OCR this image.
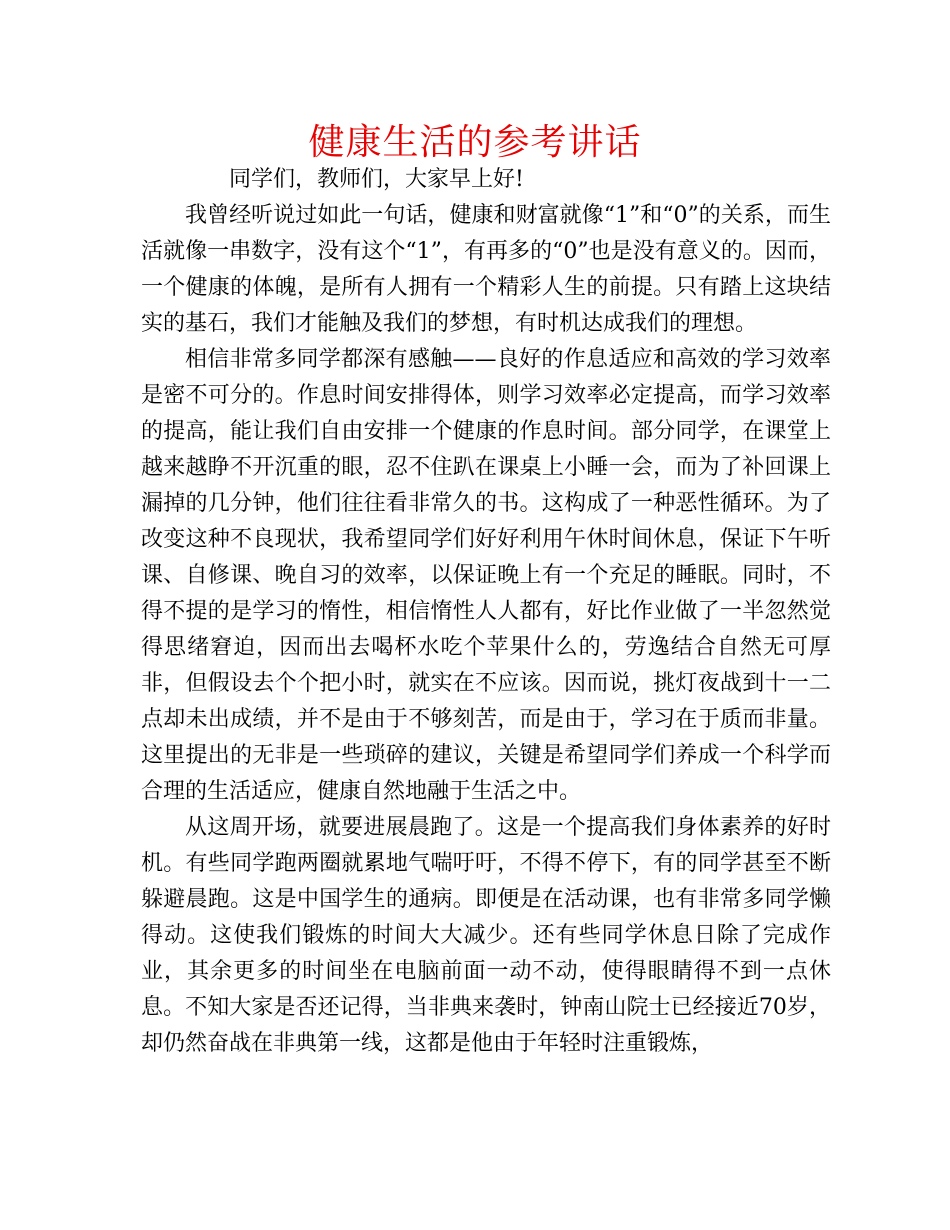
健康生活的参考讲话

同学们，教师们，大家早上好!

我曾经听说过如此一句话，健康和财富就像“1”和“0”的关系，而生活就像一串数字，没有这个“1”，有再多的“0”也是没有意义的。因而，一个健康的体魄，是所有人拥有一个精彩人生的前提。只有踏上这块结实的基石，我们才能触及我们的梦想，有时机达成我们的理想。

相信非常多同学都深有感触——良好的作息适应和高效的学习效率是密不可分的。作息时间安排得体，则学习效率必定提高，而学习效率的提高，能让我们自由安排一个健康的作息时间。部分同学，在课堂上越来越睁不开沉重的眼，忍不住趴在课桌上小睡一会，而为了补回课上漏掉的几分钟，他们往往看非常久的书。这构成了一种恶性循环。为了改变这种不良现状，我希望同学们好好利用午休时间休息，保证下午听课、自修课、晚自习的效率，以保证晚上有一个充足的睡眠。同时，不得不提的是学习的惰性，相信惰性人人都有，好比作业做了一半忽然觉得思绪窘迫，因而出去喝杯水吃个苹果什么的，劳逸结合自然无可厚非，但假设去个个把小时，就实在不应该。因而说，挑灯夜战到十一二点却未出成绩，并不是由于不够刻苦，而是由于，学习在于质而非量。这里提出的无非是一些琐碎的建议，关键是希望同学们养成一个科学而合理的生活适应，健康自然地融于生活之中。

从这周开场，就要进展晨跑了。这是一个提高我们身体素养的好时机。有些同学跑两圈就累地气喘吁吁，不得不停下，有的同学甚至不断躲避晨跑。这是中国学生的通病。即便是在活动课，也有非常多同学懒得动。这使我们锻炼的时间大大减少。还有些同学休息日除了完成作业，其余更多的时间坐在电脑前面一动不动，使得眼睛得不到一点休息。不知大家是否还记得，当非典来袭时，钟南山院士已经接近70岁，却仍然奋战在非典第一线，这都是他由于年轻时注重锻炼，
